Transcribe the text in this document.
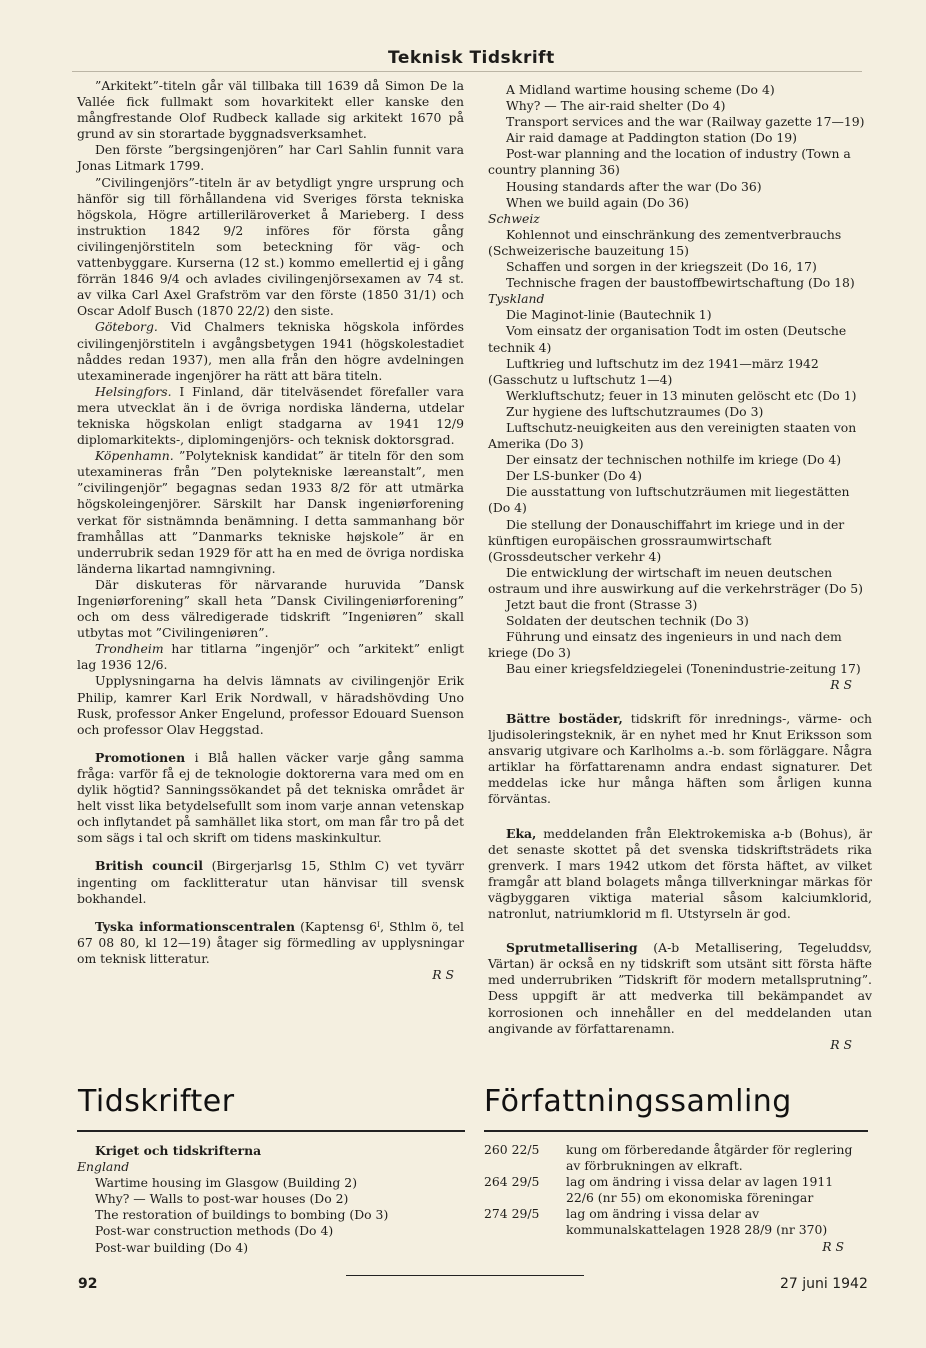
Teknisk Tidskrift

”Arkitekt”-titeln går väl tillbaka till 1639 då Simon De la Vallée fick fullmakt som hovarkitekt eller kanske den mångfrestande Olof Rudbeck kallade sig arkitekt 1670 på grund av sin storartade byggnadsverksamhet.

Den förste ”bergsingenjören” har Carl Sahlin funnit vara Jonas Litmark 1799.

”Civilingenjörs”-titeln är av betydligt yngre ursprung och hänför sig till förhållandena vid Sveriges första tekniska högskola, Högre artilleriläroverket å Marieberg. I dess instruktion 1842 9/2 införes för första gång civilingenjörstiteln som beteckning för väg- och vattenbyggare. Kurserna (12 st.) kommo emellertid ej i gång förrän 1846 9/4 och avlades civilingenjörsexamen av 74 st. av vilka Carl Axel Grafström var den förste (1850 31/1) och Oscar Adolf Busch (1870 22/2) den siste.

Göteborg. Vid Chalmers tekniska högskola infördes civilingenjörstiteln i avgångsbetygen 1941 (högskolestadiet nåddes redan 1937), men alla från den högre avdelningen utexaminerade ingenjörer ha rätt att bära titeln.

Helsingfors. I Finland, där titelväsendet förefaller vara mera utvecklat än i de övriga nordiska länderna, utdelar tekniska högskolan enligt stadgarna av 1941 12/9 diplomarkitekts-, diplomingenjörs- och teknisk doktorsgrad.

Köpenhamn. ”Polyteknisk kandidat” är titeln för den som utexamineras från ”Den polytekniske læreanstalt”, men ”civilingenjör” begagnas sedan 1933 8/2 för att utmärka högskoleingenjörer. Särskilt har Dansk ingeniørforening verkat för sistnämnda benämning. I detta sammanhang bör framhållas att ”Danmarks tekniske højskole” är en underrubrik sedan 1929 för att ha en med de övriga nordiska länderna likartad namngivning.

Där diskuteras för närvarande huruvida ”Dansk Ingeniørforening” skall heta ”Dansk Civilingeniørforening” och om dess välredigerade tidskrift ”Ingeniøren” skall utbytas mot ”Civilingeniøren”.

Trondheim har titlarna ”ingenjör” och ”arkitekt” enligt lag 1936 12/6.

Upplysningarna ha delvis lämnats av civilingenjör Erik Philip, kamrer Karl Erik Nordwall, v häradshövding Uno Rusk, professor Anker Engelund, professor Edouard Suenson och professor Olav Heggstad.

Promotionen i Blå hallen väcker varje gång samma fråga: varför få ej de teknologie doktorerna vara med om en dylik högtid? Sanningssökandet på det tekniska området är helt visst lika betydelsefullt som inom varje annan vetenskap och inflytandet på samhället lika stort, om man får tro på det som sägs i tal och skrift om tidens maskinkultur.

British council (Birgerjarlsg 15, Sthlm C) vet tyvärr ingenting om facklitteratur utan hänvisar till svensk bokhandel.

Tyska informationscentralen (Kaptensg 6ᴵ, Sthlm ö, tel 67 08 80, kl 12—19) åtager sig förmedling av upplysningar om teknisk litteratur.

R S

Tidskrifter

Kriget och tidskrifterna

England

Wartime housing im Glasgow (Building 2)

Why? — Walls to post-war houses (Do 2)

The restoration of buildings to bombing (Do 3)

Post-war construction methods (Do 4)

Post-war building (Do 4)

A Midland wartime housing scheme (Do 4)

Why? — The air-raid shelter (Do 4)

Transport services and the war (Railway gazette 17—19)

Air raid damage at Paddington station (Do 19)

Post-war planning and the location of industry (Town a country planning 36)

Housing standards after the war (Do 36)

When we build again (Do 36)

Schweiz

Kohlennot und einschränkung des zementverbrauchs (Schweizerische bauzeitung 15)

Schaffen und sorgen in der kriegszeit (Do 16, 17)

Technische fragen der baustoffbewirtschaftung (Do 18)

Tyskland

Die Maginot-linie (Bautechnik 1)

Vom einsatz der organisation Todt im osten (Deutsche technik 4)

Luftkrieg und luftschutz im dez 1941—märz 1942 (Gasschutz u luftschutz 1—4)

Werkluftschutz; feuer in 13 minuten gelöscht etc (Do 1)

Zur hygiene des luftschutzraumes (Do 3)

Luftschutz-neuigkeiten aus den vereinigten staaten von Amerika (Do 3)

Der einsatz der technischen nothilfe im kriege (Do 4)

Der LS-bunker (Do 4)

Die ausstattung von luftschutzräumen mit liegestätten (Do 4)

Die stellung der Donauschiffahrt im kriege und in der künftigen europäischen grossraumwirtschaft (Grossdeutscher verkehr 4)

Die entwicklung der wirtschaft im neuen deutschen ostraum und ihre auswirkung auf die verkehrsträger (Do 5)

Jetzt baut die front (Strasse 3)

Soldaten der deutschen technik (Do 3)

Führung und einsatz des ingenieurs in und nach dem kriege (Do 3)

Bau einer kriegsfeldziegelei (Tonenindustrie-zeitung 17)

R S

Bättre bostäder, tidskrift för inrednings-, värme- och ljudisoleringsteknik, är en nyhet med hr Knut Eriksson som ansvarig utgivare och Karlholms a.-b. som förläggare. Några artiklar ha författarenamn andra endast signaturer. Det meddelas icke hur många häften som årligen kunna förväntas.

Eka, meddelanden från Elektrokemiska a-b (Bohus), är det senaste skottet på det svenska tidskriftsträdets rika grenverk. I mars 1942 utkom det första häftet, av vilket framgår att bland bolagets många tillverkningar märkas för vägbyggaren viktiga material såsom kalciumklorid, natronlut, natriumklorid m fl. Utstyrseln är god.

Sprutmetallisering (A-b Metallisering, Tegeluddsv, Värtan) är också en ny tidskrift som utsänt sitt första häfte med underrubriken ”Tidskrift för modern metallsprutning”. Dess uppgift är att medverka till bekämpandet av korrosionen och innehåller en del meddelanden utan angivande av författarenamn.

R S

Författningssamling
260 22/5	kung om förberedande åtgärder för reglering av förbrukningen av elkraft.
264 29/5	lag om ändring i vissa delar av lagen 1911 22/6 (nr 55) om ekonomiska föreningar
274 29/5	lag om ändring i vissa delar av kommunalskattelagen 1928 28/9 (nr 370)
R S
92	27 juni 1942
